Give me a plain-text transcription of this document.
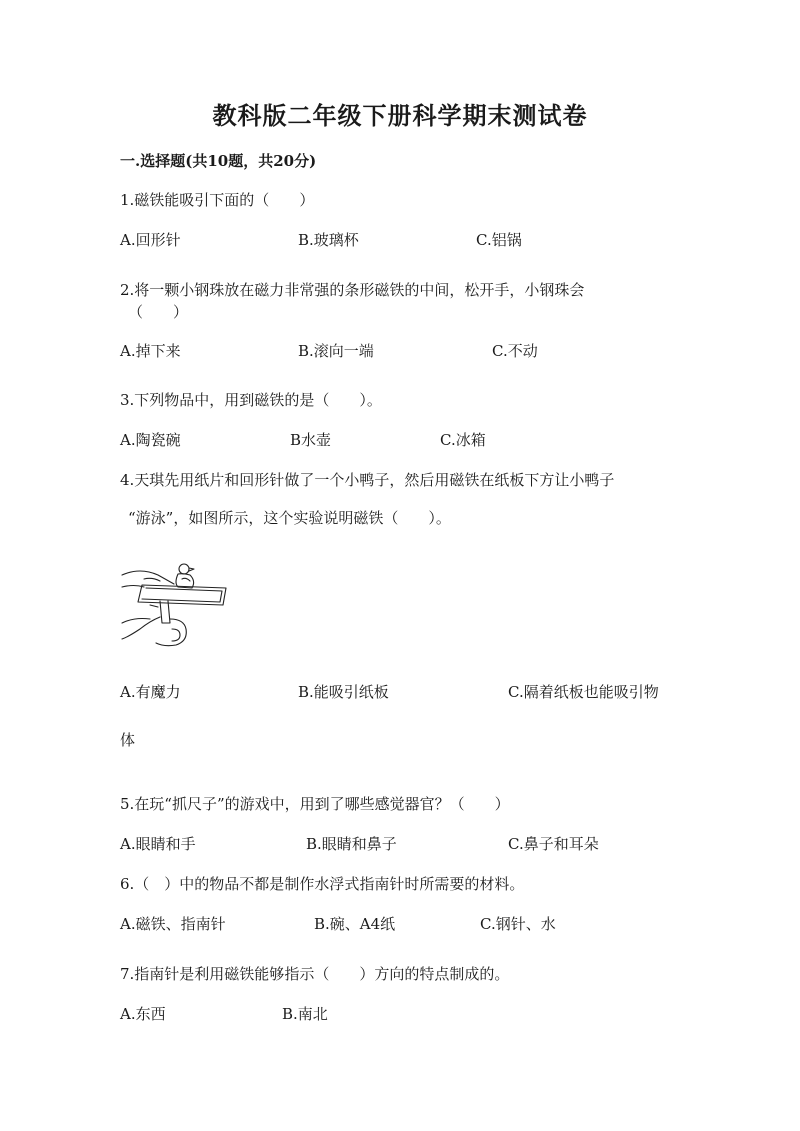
教科版二年级下册科学期末测试卷
一.选择题(共10题，共20分)
1.磁铁能吸引下面的（　　）
A.回形针	B.玻璃杯	C.铝锅
2.将一颗小钢珠放在磁力非常强的条形磁铁的中间，松开手，小钢珠会
（　　）
A.掉下来	B.滚向一端	C.不动
3.下列物品中，用到磁铁的是（　　）。
A.陶瓷碗	B水壶	C.冰箱
4.天琪先用纸片和回形针做了一个小鸭子，然后用磁铁在纸板下方让小鸭子
“游泳”，如图所示，这个实验说明磁铁（　　）。
A.有魔力	B.能吸引纸板	C.隔着纸板也能吸引物
体
5.在玩“抓尺子”的游戏中，用到了哪些感觉器官？（　　）
A.眼睛和手	B.眼睛和鼻子	C.鼻子和耳朵
6.（　）中的物品不都是制作水浮式指南针时所需要的材料。
A.磁铁、指南针	B.碗、A4纸	C.钢针、水
7.指南针是利用磁铁能够指示（　　）方向的特点制成的。
A.东西	B.南北
